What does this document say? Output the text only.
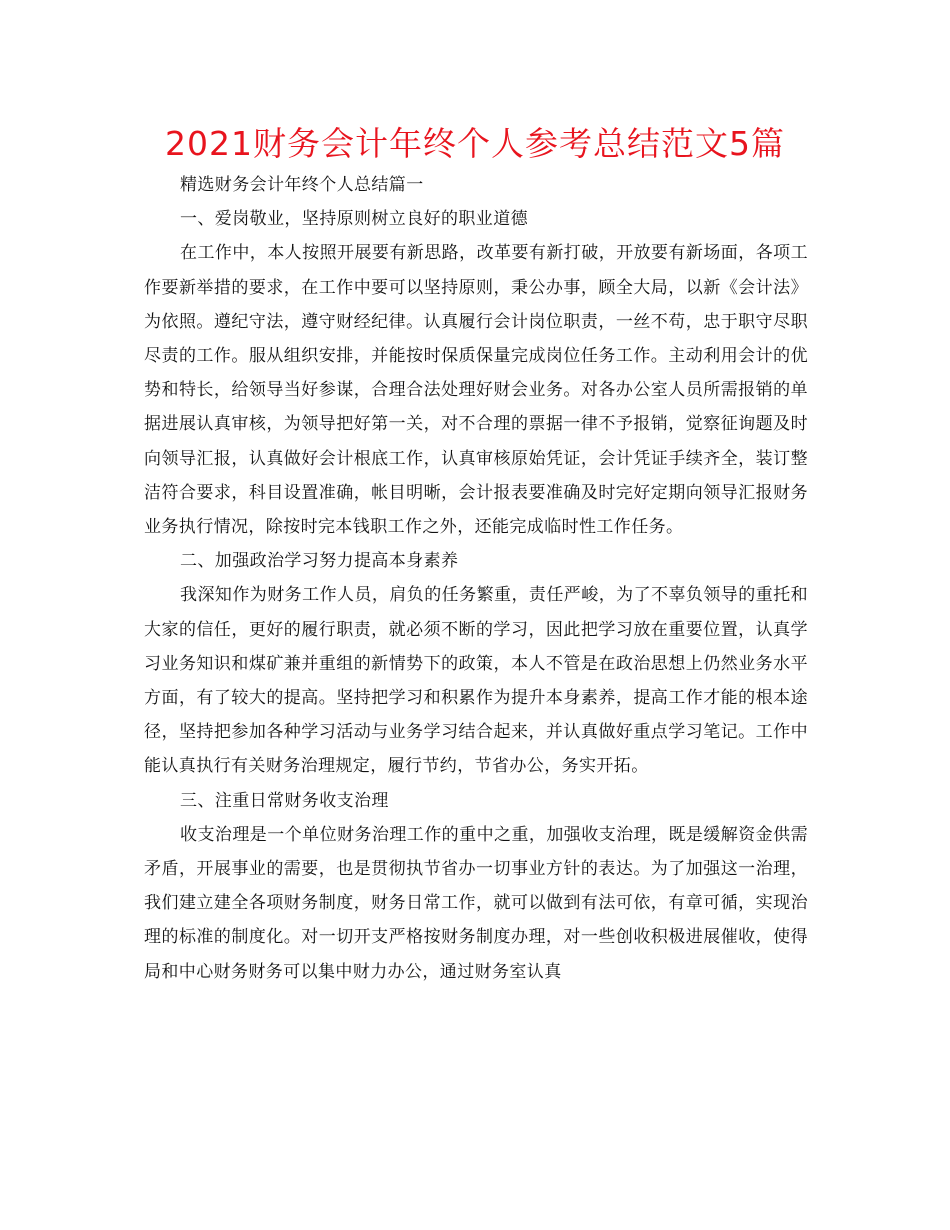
2021财务会计年终个人参考总结范文5篇

精选财务会计年终个人总结篇一

一、爱岗敬业，坚持原则树立良好的职业道德

在工作中，本人按照开展要有新思路，改革要有新打破，开放要有新场面，各项工作要新举措的要求，在工作中要可以坚持原则，秉公办事，顾全大局，以新《会计法》为依照。遵纪守法，遵守财经纪律。认真履行会计岗位职责，一丝不苟，忠于职守尽职尽责的工作。服从组织安排，并能按时保质保量完成岗位任务工作。主动利用会计的优势和特长，给领导当好参谋，合理合法处理好财会业务。对各办公室人员所需报销的单据进展认真审核，为领导把好第一关，对不合理的票据一律不予报销，觉察征询题及时向领导汇报，认真做好会计根底工作，认真审核原始凭证，会计凭证手续齐全，装订整洁符合要求，科目设置准确，帐目明晰，会计报表要准确及时完好定期向领导汇报财务业务执行情况，除按时完本钱职工作之外，还能完成临时性工作任务。

二、加强政治学习努力提高本身素养

我深知作为财务工作人员，肩负的任务繁重，责任严峻，为了不辜负领导的重托和大家的信任，更好的履行职责，就必须不断的学习，因此把学习放在重要位置，认真学习业务知识和煤矿兼并重组的新情势下的政策，本人不管是在政治思想上仍然业务水平方面，有了较大的提高。坚持把学习和积累作为提升本身素养，提高工作才能的根本途径，坚持把参加各种学习活动与业务学习结合起来，并认真做好重点学习笔记。工作中能认真执行有关财务治理规定，履行节约，节省办公，务实开拓。

三、注重日常财务收支治理

收支治理是一个单位财务治理工作的重中之重，加强收支治理，既是缓解资金供需矛盾，开展事业的需要，也是贯彻执节省办一切事业方针的表达。为了加强这一治理，我们建立建全各项财务制度，财务日常工作，就可以做到有法可依，有章可循，实现治理的标准的制度化。对一切开支严格按财务制度办理，对一些创收积极进展催收，使得局和中心财务财务可以集中财力办公，通过财务室认真
